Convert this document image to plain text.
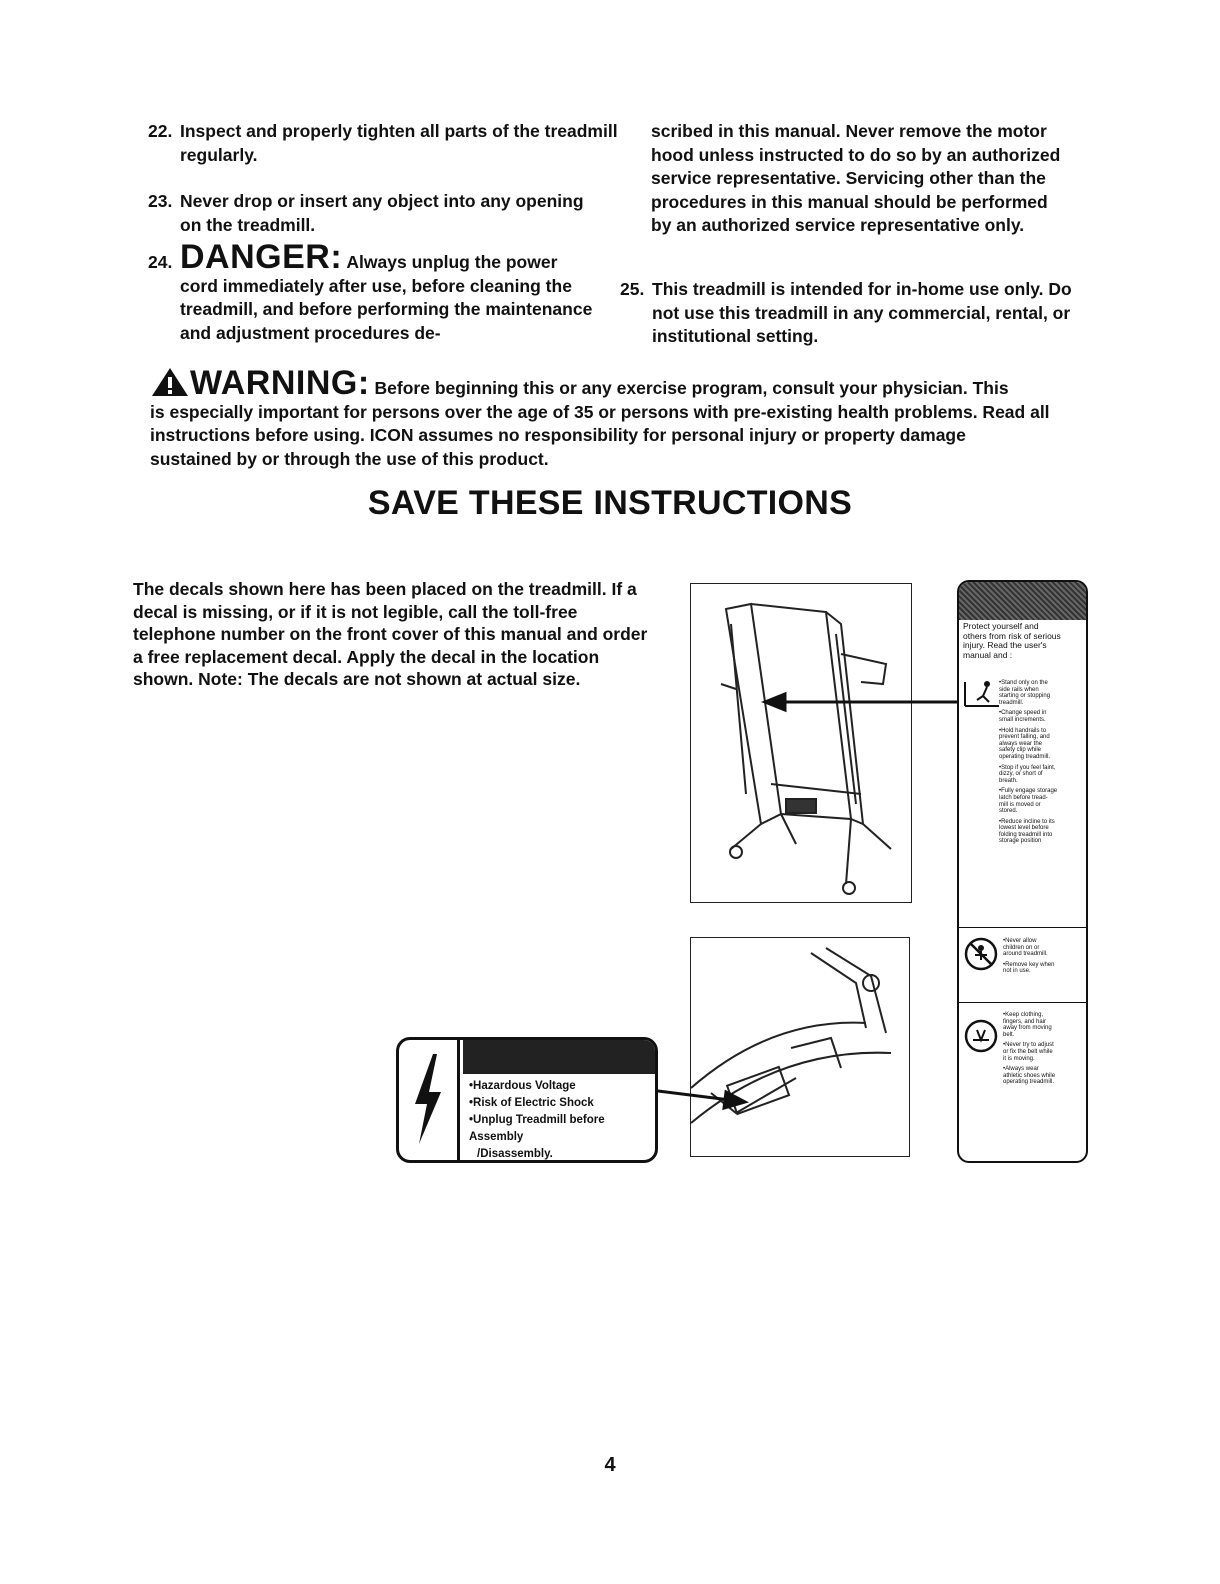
22. Inspect and properly tighten all parts of the treadmill regularly.
23. Never drop or insert any object into any opening on the treadmill.
24. DANGER: Always unplug the power
cord immediately after use, before cleaning the treadmill, and before performing the maintenance and adjustment procedures de-
scribed in this manual. Never remove the motor hood unless instructed to do so by an authorized service representative. Servicing other than the procedures in this manual should be performed by an authorized service representative only.
25. This treadmill is intended for in-home use only. Do not use this treadmill in any commercial, rental, or institutional setting.
WARNING: Before beginning this or any exercise program, consult your physician. This
is especially important for persons over the age of 35 or persons with pre-existing health problems. Read all instructions before using. ICON assumes no responsibility for personal injury or property damage sustained by or through the use of this product.
SAVE THESE INSTRUCTIONS
The decals shown here has been placed on the treadmill. If a decal is missing, or if it is not legible, call the toll-free telephone number on the front cover of this manual and order a free replacement decal. Apply the decal in the location shown. Note: The decals are not shown at actual size.
•Hazardous Voltage
•Risk of Electric Shock
•Unplug Treadmill before Assembly
/Disassembly.
Protect yourself and
others from risk of serious
injury. Read the user's
manual and :
•Stand only on the
side rails when
starting or stopping
treadmill.
•Change speed in
small increments.
•Hold handrails to
prevent falling, and
always wear the
safety clip while
operating treadmill.
•Stop if you feel faint,
dizzy, or short of
breath.
•Fully engage storage
latch before tread-
mill is moved or
stored.
•Reduce incline to its
lowest level before
folding treadmill into
storage position
•Never allow
children on or
around treadmill.
•Remove key when
not in use.
•Keep clothing,
fingers, and hair
away from moving
belt.
•Never try to adjust
or fix the belt while
it is moving.
•Always wear
athletic shoes while
operating treadmill.
4
